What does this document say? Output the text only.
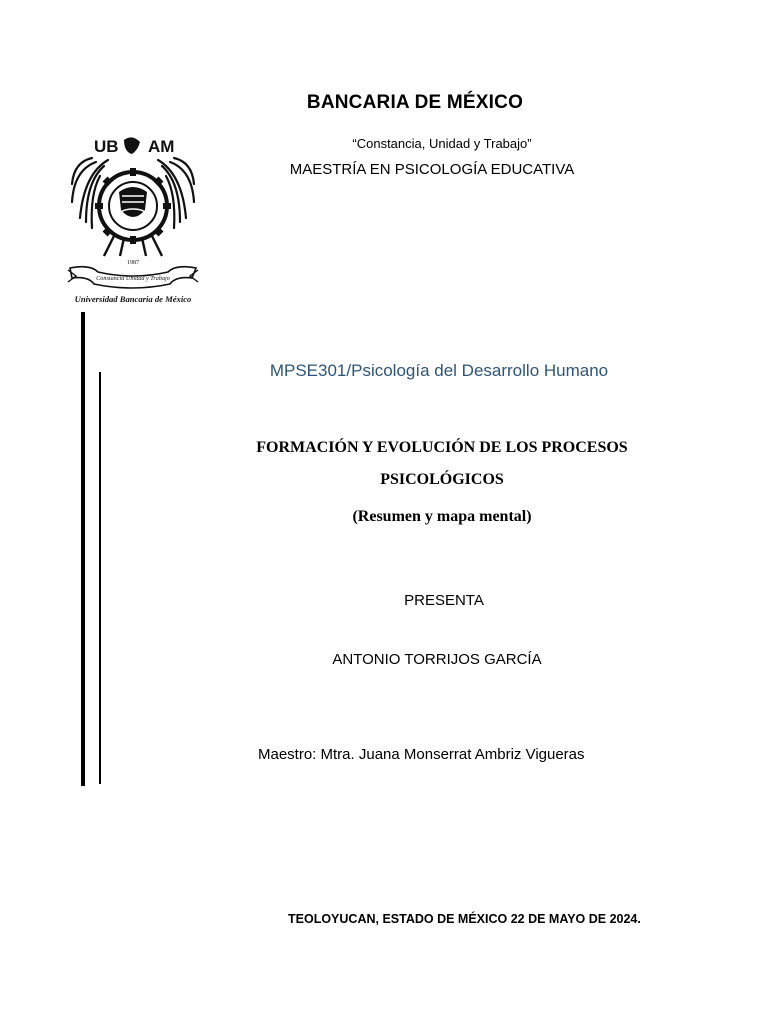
UB AM
1987
Constancia Unidad y Trabajo
Universidad Bancaria de México
BANCARIA DE MÉXICO
“Constancia, Unidad y Trabajo”
MAESTRÍA EN PSICOLOGÍA EDUCATIVA
MPSE301/Psicología del Desarrollo Humano
FORMACIÓN Y EVOLUCIÓN DE LOS PROCESOS PSICOLÓGICOS
(Resumen y mapa mental)
PRESENTA
ANTONIO TORRIJOS GARCÍA
Maestro: Mtra. Juana Monserrat Ambriz Vigueras
TEOLOYUCAN, ESTADO DE MÉXICO 22 DE MAYO DE 2024.
